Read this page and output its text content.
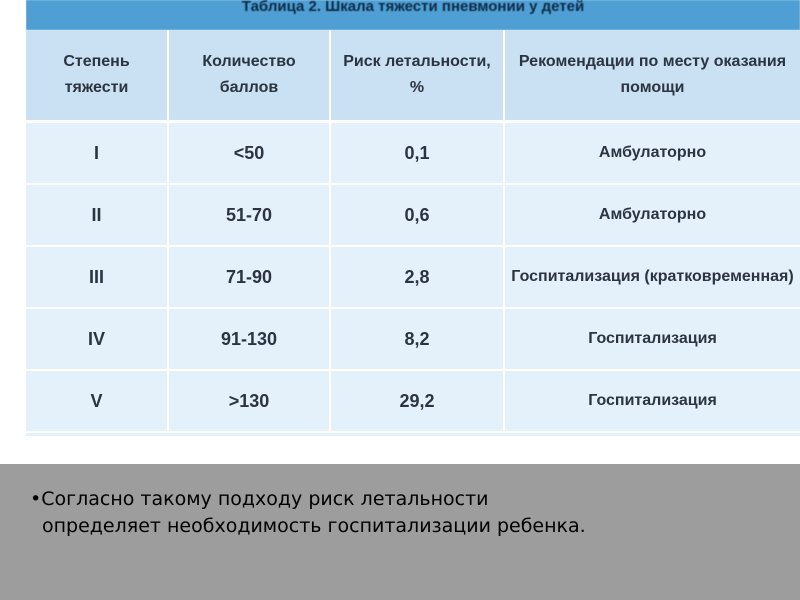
Таблица 2. Шкала тяжести пневмонии у детей
Степень тяжести	Количество баллов	Риск летальности, %	Рекомендации по месту оказания помощи
I	<50	0,1	Амбулаторно
II	51-70	0,6	Амбулаторно
III	71-90	2,8	Госпитализация (кратковременная)
IV	91-130	8,2	Госпитализация
V	>130	29,2	Госпитализация

•Согласно такому подходу риск летальности
определяет необходимость госпитализации ребенка.
